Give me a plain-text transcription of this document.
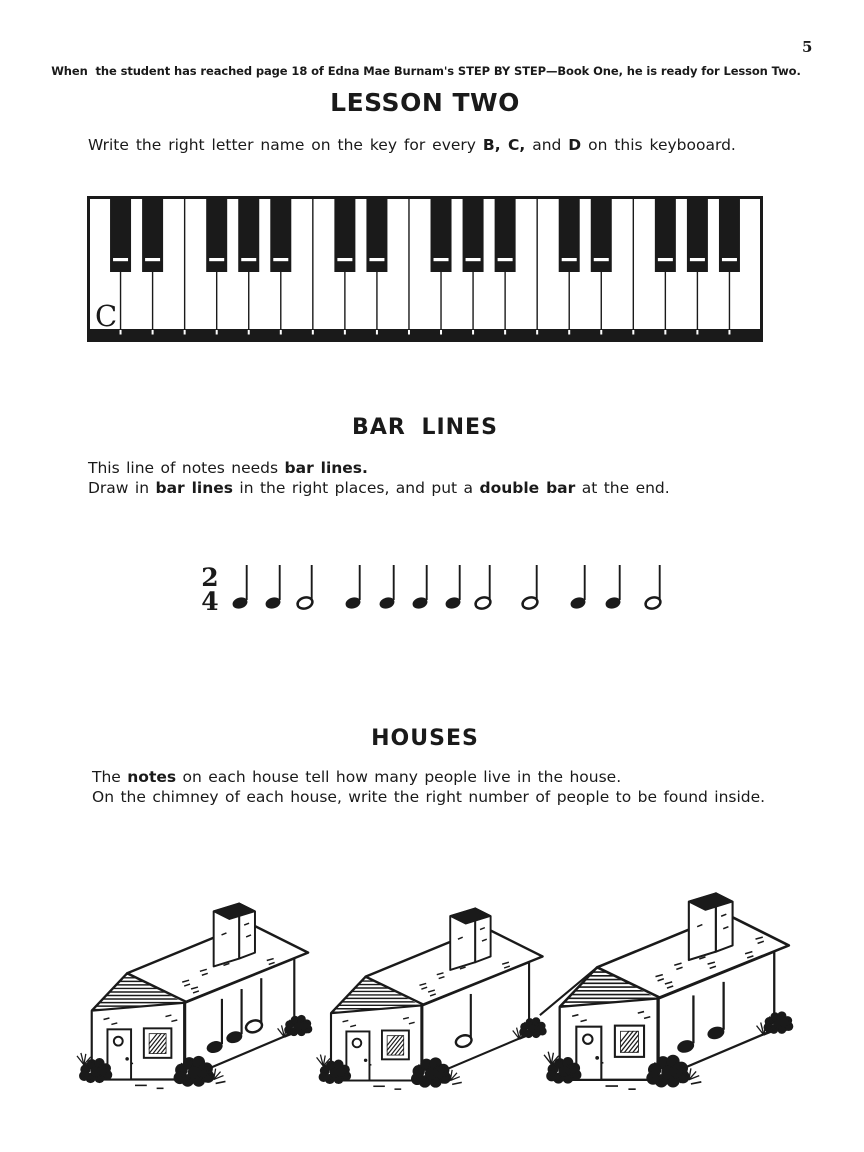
5
When  the student has reached page 18 of Edna Mae Burnam's STEP BY STEP—Book One, he is ready for Lesson Two.
LESSON TWO

Write the right letter name on the key for every B, C, and D on this keybooard.

C
BAR LINES

This line of notes needs bar lines.

Draw in bar lines in the right places, and put a double bar at the end.

2
4
HOUSES

The notes on each house tell how many people live in the house.

On the chimney of each house, write the right number of people to be found inside.
